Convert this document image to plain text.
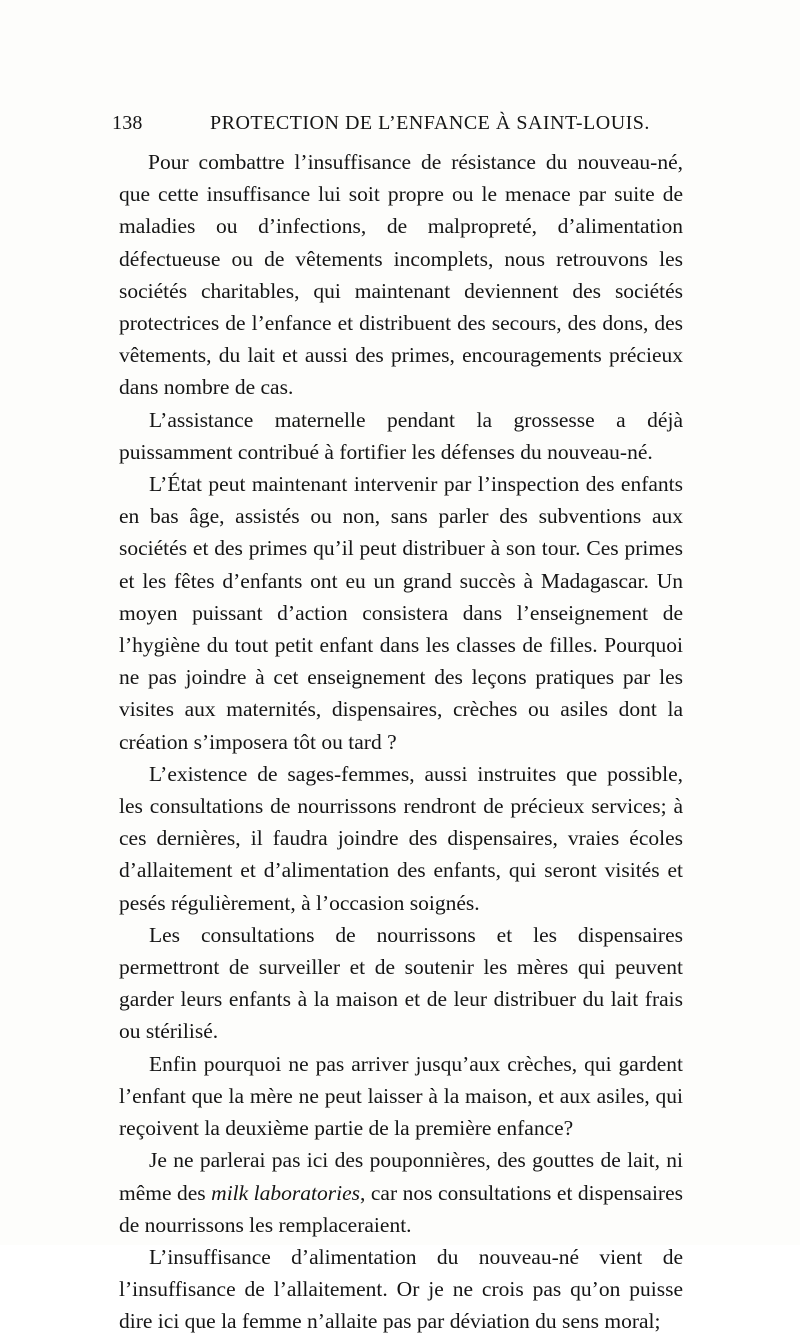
138	PROTECTION DE L’ENFANCE À SAINT-LOUIS.

Pour combattre l’insuffisance de résistance du nouveau-né, que cette insuffisance lui soit propre ou le menace par suite de maladies ou d’infections, de malpropreté, d’alimentation défectueuse ou de vêtements incomplets, nous retrouvons les sociétés charitables, qui maintenant deviennent des sociétés protectrices de l’enfance et distribuent des secours, des dons, des vêtements, du lait et aussi des primes, encouragements précieux dans nombre de cas.

L’assistance maternelle pendant la grossesse a déjà puissamment contribué à fortifier les défenses du nouveau-né.

L’État peut maintenant intervenir par l’inspection des enfants en bas âge, assistés ou non, sans parler des subventions aux sociétés et des primes qu’il peut distribuer à son tour. Ces primes et les fêtes d’enfants ont eu un grand succès à Madagascar. Un moyen puissant d’action consistera dans l’enseignement de l’hygiène du tout petit enfant dans les classes de filles. Pourquoi ne pas joindre à cet enseignement des leçons pratiques par les visites aux maternités, dispensaires, crèches ou asiles dont la création s’imposera tôt ou tard ?

L’existence de sages-femmes, aussi instruites que possible, les consultations de nourrissons rendront de précieux services; à ces dernières, il faudra joindre des dispensaires, vraies écoles d’allaitement et d’alimentation des enfants, qui seront visités et pesés régulièrement, à l’occasion soignés.

Les consultations de nourrissons et les dispensaires permettront de surveiller et de soutenir les mères qui peuvent garder leurs enfants à la maison et de leur distribuer du lait frais ou stérilisé.

Enfin pourquoi ne pas arriver jusqu’aux crèches, qui gardent l’enfant que la mère ne peut laisser à la maison, et aux asiles, qui reçoivent la deuxième partie de la première enfance?

Je ne parlerai pas ici des pouponnières, des gouttes de lait, ni même des milk laboratories, car nos consultations et dispensaires de nourrissons les remplaceraient.

L’insuffisance d’alimentation du nouveau-né vient de l’insuffisance de l’allaitement. Or je ne crois pas qu’on puisse dire ici que la femme n’allaite pas par déviation du sens moral;
